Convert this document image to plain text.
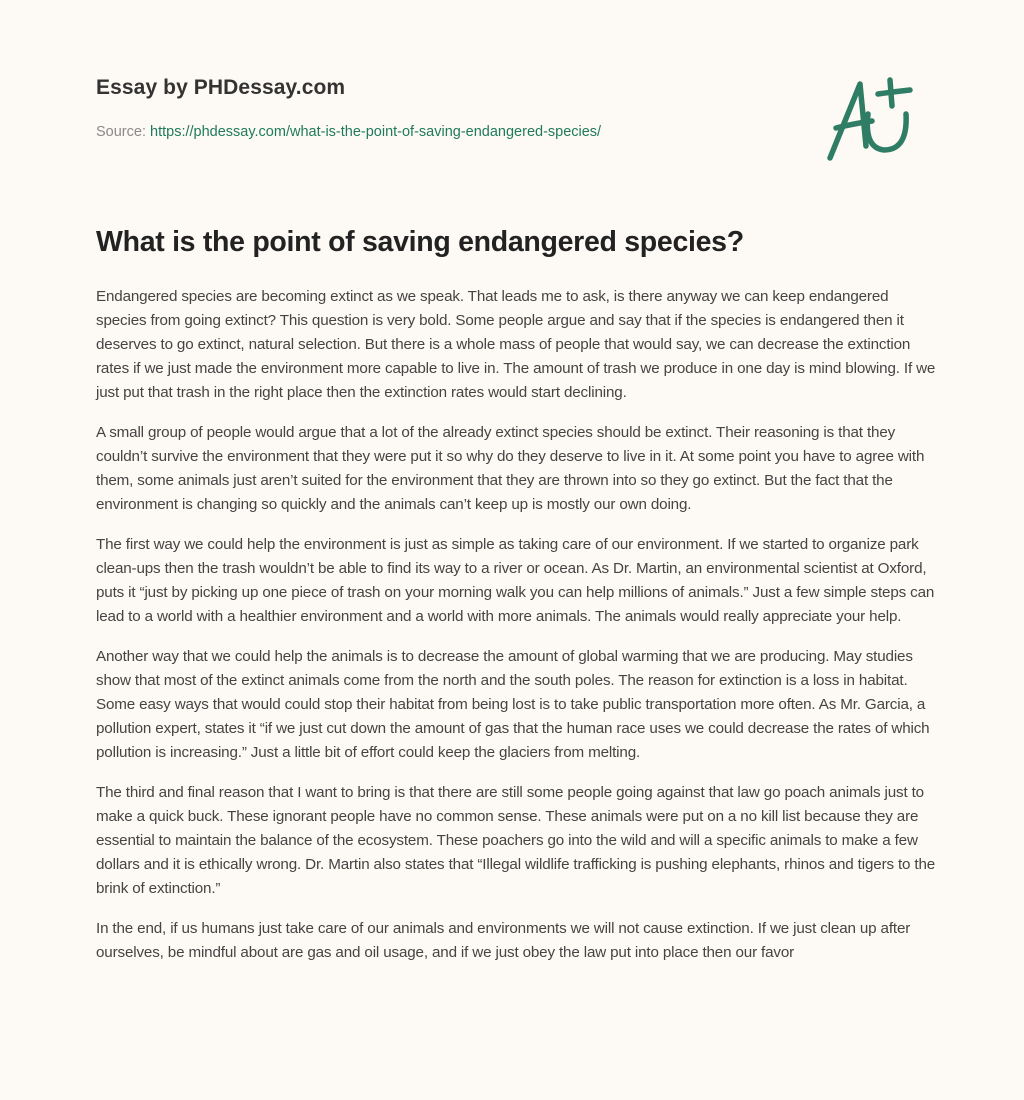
Essay by PHDessay.com
Source: https://phdessay.com/what-is-the-point-of-saving-endangered-species/
What is the point of saving endangered species?

Endangered species are becoming extinct as we speak. That leads me to ask, is there anyway we can keep endangered species from going extinct? This question is very bold. Some people argue and say that if the species is endangered then it deserves to go extinct, natural selection. But there is a whole mass of people that would say, we can decrease the extinction rates if we just made the environment more capable to live in. The amount of trash we produce in one day is mind blowing. If we just put that trash in the right place then the extinction rates would start declining.

A small group of people would argue that a lot of the already extinct species should be extinct. Their reasoning is that they couldn’t survive the environment that they were put it so why do they deserve to live in it. At some point you have to agree with them, some animals just aren’t suited for the environment that they are thrown into so they go extinct. But the fact that the environment is changing so quickly and the animals can’t keep up is mostly our own doing.

The first way we could help the environment is just as simple as taking care of our environment. If we started to organize park clean-ups then the trash wouldn’t be able to find its way to a river or ocean. As Dr. Martin, an environmental scientist at Oxford, puts it “just by picking up one piece of trash on your morning walk you can help millions of animals.” Just a few simple steps can lead to a world with a healthier environment and a world with more animals. The animals would really appreciate your help.

Another way that we could help the animals is to decrease the amount of global warming that we are producing. May studies show that most of the extinct animals come from the north and the south poles. The reason for extinction is a loss in habitat. Some easy ways that would could stop their habitat from being lost is to take public transportation more often. As Mr. Garcia, a pollution expert, states it “if we just cut down the amount of gas that the human race uses we could decrease the rates of which pollution is increasing.” Just a little bit of effort could keep the glaciers from melting.

The third and final reason that I want to bring is that there are still some people going against that law go poach animals just to make a quick buck. These ignorant people have no common sense. These animals were put on a no kill list because they are essential to maintain the balance of the ecosystem. These poachers go into the wild and will a specific animals to make a few dollars and it is ethically wrong. Dr. Martin also states that “Illegal wildlife trafficking is pushing elephants, rhinos and tigers to the brink of extinction.”

In the end, if us humans just take care of our animals and environments we will not cause extinction. If we just clean up after ourselves, be mindful about are gas and oil usage, and if we just obey the law put into place then our favor
